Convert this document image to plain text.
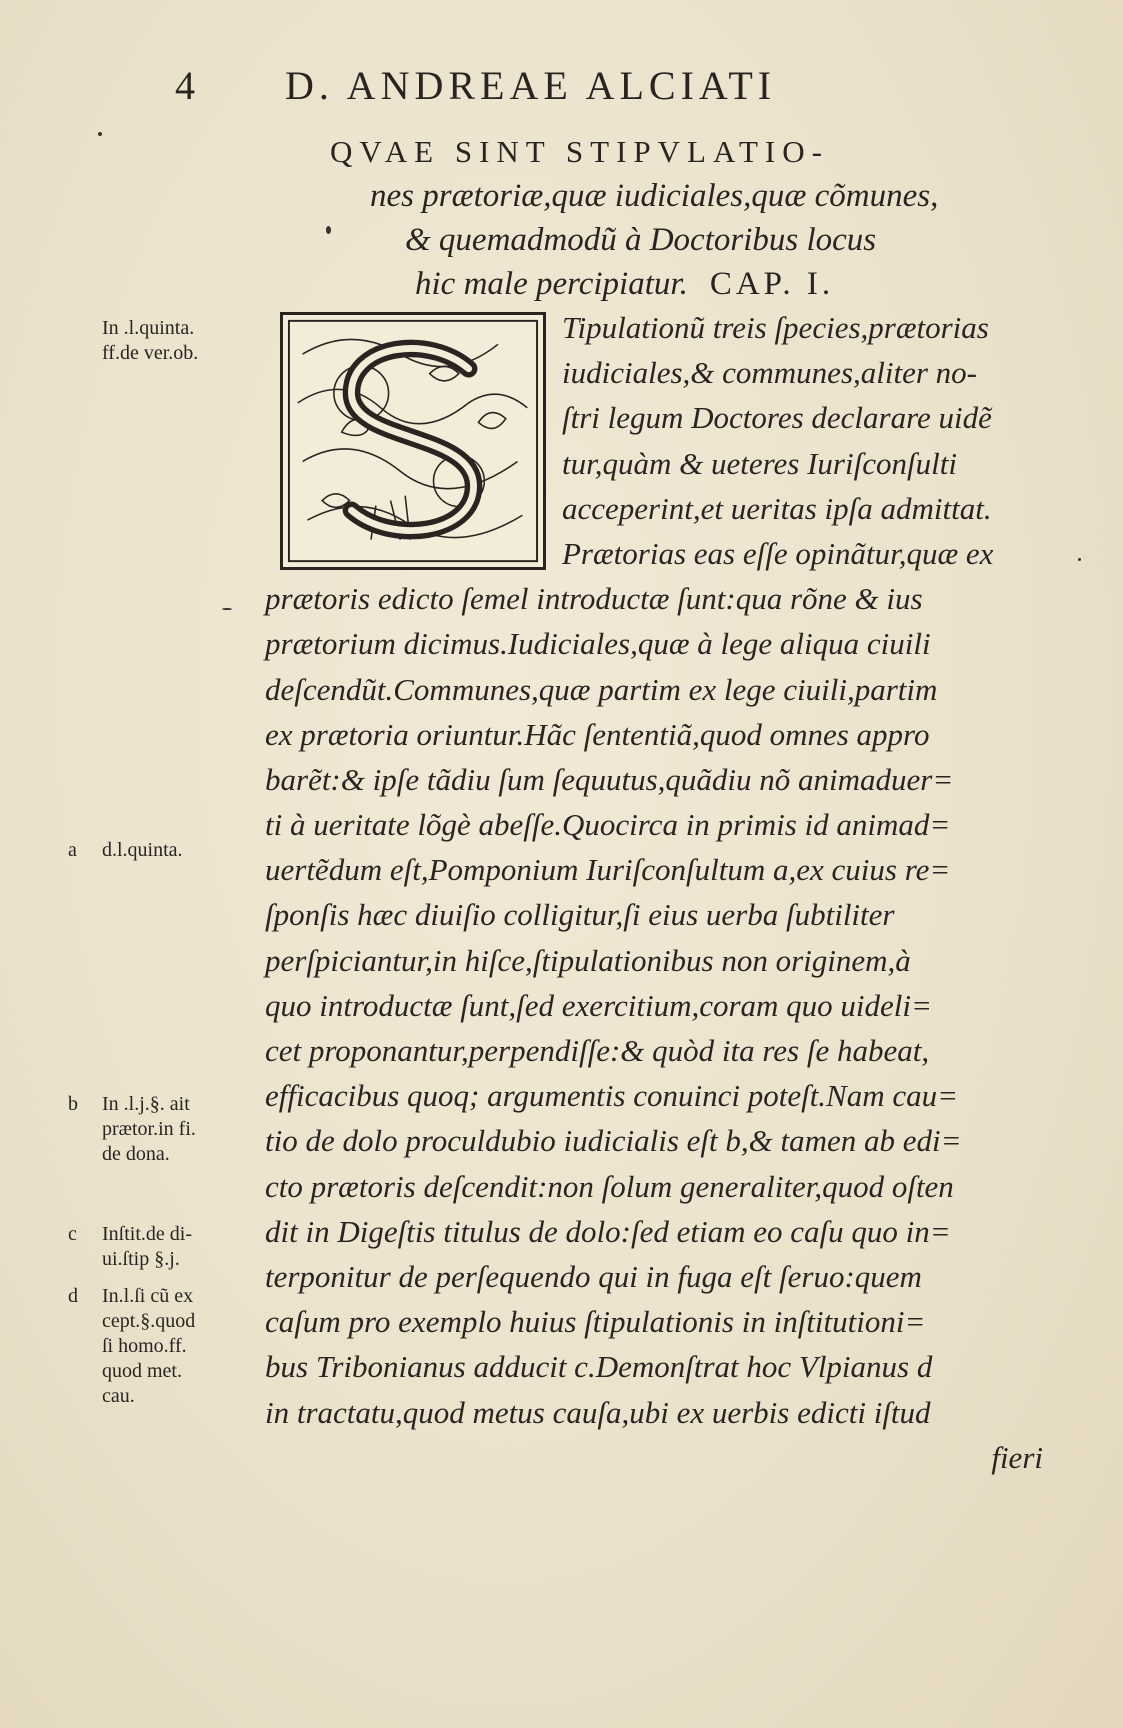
4 D. ANDREAE ALCIATI
QVAE SINT STIPVLATIO-
nes prætoriæ,quæ iudiciales,quæ cõmunes,
& quemadmodũ à Doctoribus locus
hic male percipiatur. CAP. I.
Tipulationũ treis ſpecies,prætorias
iudiciales,& communes,aliter no-
ſtri legum Doctores declarare uidẽ
tur,quàm & ueteres Iuriſconſulti
acceperint,et ueritas ipſa admittat.
Prætorias eas eſſe opinãtur,quæ ex
prætoris edicto ſemel introductæ ſunt:qua rõne & ius
prætorium dicimus.Iudiciales,quæ à lege aliqua ciuili
deſcendũt.Communes,quæ partim ex lege ciuili,partim
ex prætoria oriuntur.Hãc ſententiã,quod omnes appro
barẽt:& ipſe tãdiu ſum ſequutus,quãdiu nõ animaduer=
ti à ueritate lõgè abeſſe.Quocirca in primis id animad=
uertẽdum eſt,Pomponium Iuriſconſultum a,ex cuius re=
ſponſis hæc diuiſio colligitur,ſi eius uerba ſubtiliter
perſpiciantur,in hiſce,ſtipulationibus non originem,à
quo introductæ ſunt,ſed exercitium,coram quo uideli=
cet proponantur,perpendiſſe:& quòd ita res ſe habeat,
efficacibus quoq; argumentis conuinci poteſt.Nam cau=
tio de dolo proculdubio iudicialis eſt b,& tamen ab edi=
cto prætoris deſcendit:non ſolum generaliter,quod oſten
dit in Digeſtis titulus de dolo:ſed etiam eo caſu quo in=
terponitur de perſequendo qui in fuga eſt ſeruo:quem
caſum pro exemplo huius ſtipulationis in inſtitutioni=
bus Tribonianus adducit c.Demonſtrat hoc Vlpianus d
in tractatu,quod metus cauſa,ubi ex uerbis edicti iſtud
fieri
In .l.quinta.
ff.de ver.ob.
a d.l.quinta.
b In .l.j.§. ait
prætor.in fi.
de dona.
c Inſtit.de di-
ui.ſtip §.j.
d In.l.ſi cũ ex
cept.§.quod
ſi homo.ff.
quod met.
cau.
